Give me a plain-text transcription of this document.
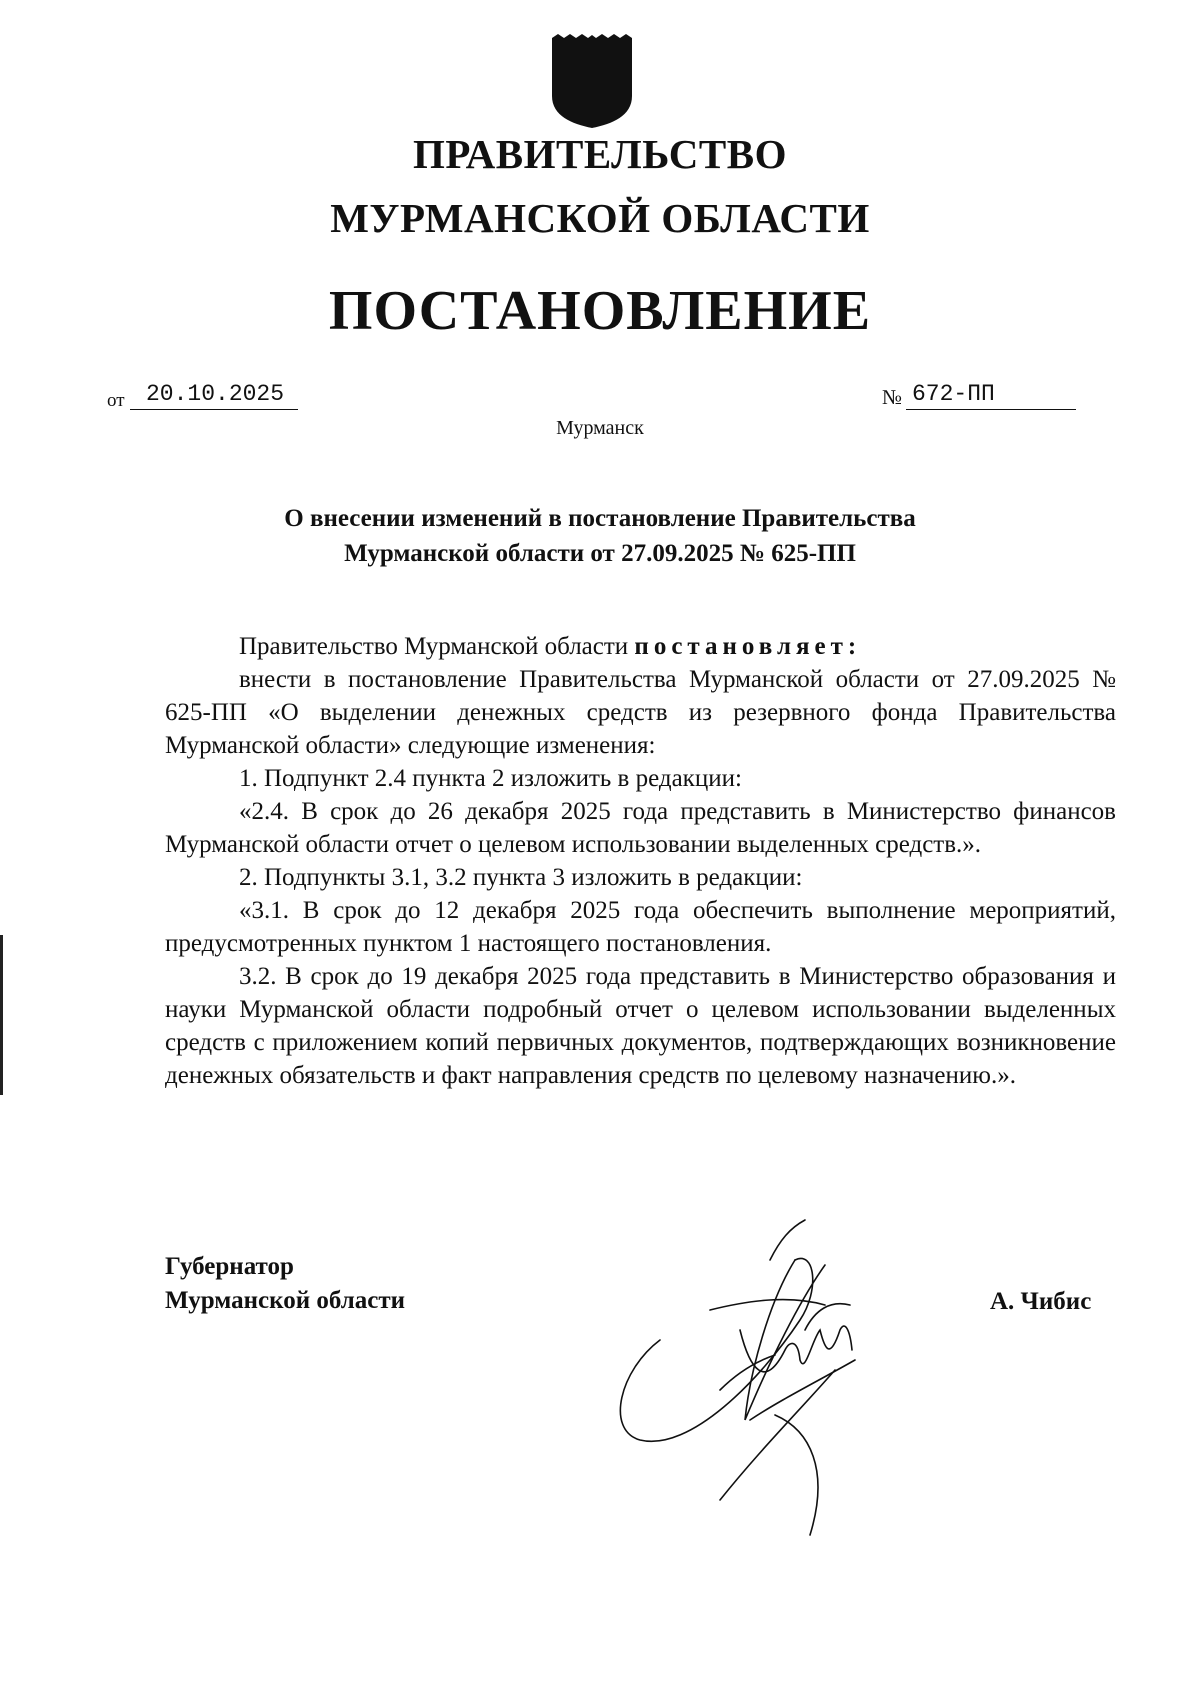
ПРАВИТЕЛЬСТВО
МУРМАНСКОЙ ОБЛАСТИ
ПОСТАНОВЛЕНИЕ
от 20.10.2025	№ 672-ПП
Мурманск
О внесении изменений в постановление Правительства
Мурманской области от 27.09.2025 № 625-ПП

Правительство Мурманской области постановляет:

внести в постановление Правительства Мурманской области от 27.09.2025 № 625-ПП «О выделении денежных средств из резервного фонда Правительства Мурманской области» следующие изменения:

1. Подпункт 2.4 пункта 2 изложить в редакции:

«2.4. В срок до 26 декабря 2025 года представить в Министерство финансов Мурманской области отчет о целевом использовании выделенных средств.».

2. Подпункты 3.1, 3.2 пункта 3 изложить в редакции:

«3.1. В срок до 12 декабря 2025 года обеспечить выполнение мероприятий, предусмотренных пунктом 1 настоящего постановления.

3.2. В срок до 19 декабря 2025 года представить в Министерство образования и науки Мурманской области подробный отчет о целевом использовании выделенных средств с приложением копий первичных документов, подтверждающих возникновение денежных обязательств и факт направления средств по целевому назначению.».

Губернатор
Мурманской области	А. Чибис
